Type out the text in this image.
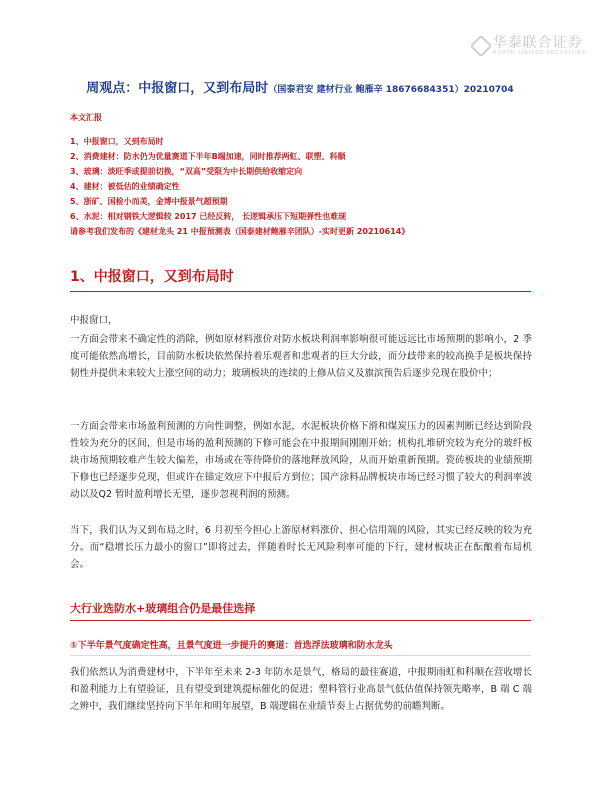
华泰联合证券
HUATAI UNITED SECURITIES
周观点：中报窗口，又到布局时（国泰君安 建材行业 鲍雁辛 18676684351）20210704
本文汇报
1、中报窗口，又到布局时
2、消费建材：防水仍为优量赛道下半年B端加速，同时推荐两虹、联塑、科顺
3、玻璃：淡旺季或提前切换，“双高”受限为中长期供给收缩定向
4、建材：被低估的业绩确定性
5、浙矿、国检小而美，金博中报景气超预期
6、水泥：相对钢铁大逻辑较 2017 已经反转， 长逻辑承压下短期弹性也难现
请参考我们发布的《建材龙头 21 中报预测表（国泰建材鲍雁辛团队）-实时更新 20210614》
1、中报窗口，又到布局时
中报窗口，
一方面会带来不确定性的消除，例如原材料涨价对防水板块利润率影响很可能远远比市场预期的影响小，2 季度可能依然高增长，目前防水板块依然保持着乐观者和悲观者的巨大分歧，而分歧带来的较高换手是板块保持韧性并提供未来较大上涨空间的动力；玻璃板块的连续的上修从信义及旗滨预告后逐步兑现在股价中；
一方面会带来市场盈利预测的方向性调整，例如水泥，水泥板块价格下滑和煤炭压力的因素判断已经达到阶段性较为充分的区间，但是市场的盈利预测的下修可能会在中报期间刚刚开始；机构扎堆研究较为充分的玻纤板块市场预期较难产生较大偏差，市场或在等待降价的落地释放风险，从而开始重新预期。瓷砖板块的业绩预期下修也已经逐步兑现，但或许在锚定效应下中报后方到位；国产涂料品牌板块市场已经习惯了较大的利润率波动以及Q2 暂时盈利增长无望，逐步忽视利润的预测。
当下，我们认为又到布局之时，6 月初至今担心上游原材料涨价、担心信用端的风险，其实已经反映的较为充分。而“稳增长压力最小的窗口”即将过去，伴随着时长无风险利率可能的下行，建材板块正在酝酿着布局机会。
大行业选防水+玻璃组合仍是最佳选择
①下半年景气度确定性高，且景气度进一步提升的赛道：首选浮法玻璃和防水龙头
我们依然认为消费建材中，下半年至未来 2-3 年防水是景气，格局的最佳赛道，中报期雨虹和科顺在营收增长和盈利能力上有望验证，且有望受到建筑提标催化的促进；塑料管行业高景气低估值保持领先略率，B 端 C 端之辨中，我们继续坚持向下半年和明年展望，B 端逻辑在业绩节奏上占据优势的前瞻判断。
